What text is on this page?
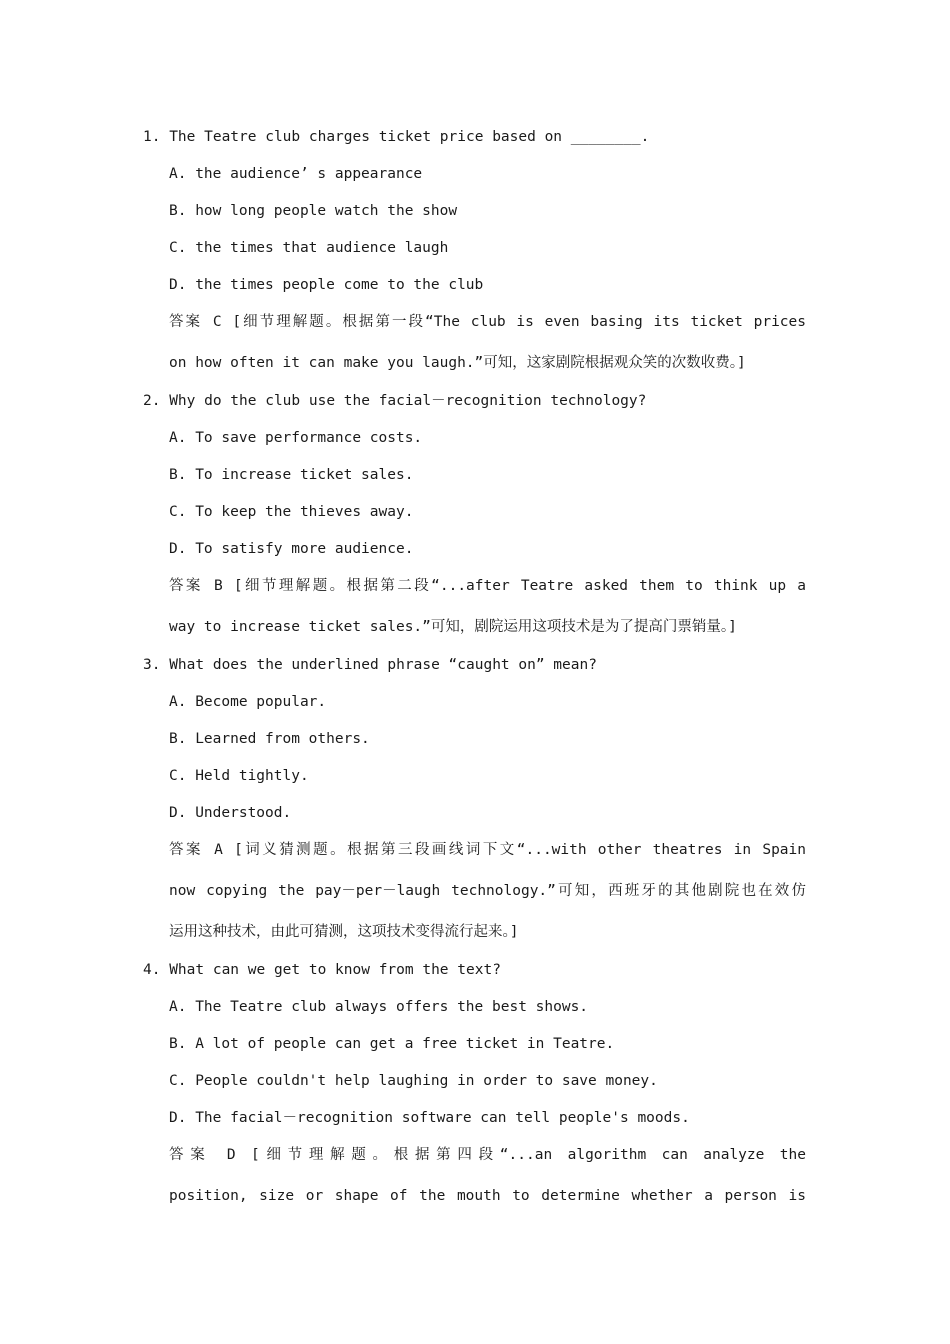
1. The Teatre club charges ticket price based on ________.
A. the audience’ s appearance
B. how long people watch the show
C. the times that audience laugh
D. the times people come to the club
答案 C [细节理解题。根据第一段“The club is even basing its ticket prices
on how often it can make you laugh.”可知，这家剧院根据观众笑的次数收费。]
2. Why do the club use the facial－recognition technology?
A. To save performance costs.
B. To increase ticket sales.
C. To keep the thieves away.
D. To satisfy more audience.
答案 B [细节理解题。根据第二段“...after Teatre asked them to think up a
way to increase ticket sales.”可知，剧院运用这项技术是为了提高门票销量。]
3. What does the underlined phrase “caught on” mean?
A. Become popular.
B. Learned from others.
C. Held tightly.
D. Understood.
答案 A [词义猜测题。根据第三段画线词下文“...with other theatres in Spain
now copying the pay－per－laugh technology.”可知，西班牙的其他剧院也在效仿
运用这种技术，由此可猜测，这项技术变得流行起来。]
4. What can we get to know from the text?
A. The Teatre club always offers the best shows.
B. A lot of people can get a free ticket in Teatre.
C. People couldn't help laughing in order to save money.
D. The facial－recognition software can tell people's moods.
答案 D [细节理解题。根据第四段“...an algorithm can analyze the
position, size or shape of the mouth to determine whether a person is
